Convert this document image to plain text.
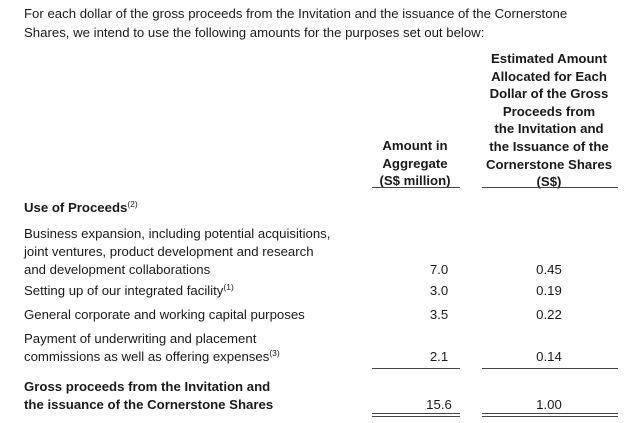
For each dollar of the gross proceeds from the Invitation and the issuance of the Cornerstone
Shares, we intend to use the following amounts for the purposes set out below:
Amount in
Aggregate
(S$ million)
Estimated Amount
Allocated for Each
Dollar of the Gross
Proceeds from
the Invitation and
the Issuance of the
Cornerstone Shares
(S$)
Use of Proceeds$^{(2)}$
Business expansion, including potential acquisitions,
joint ventures, product development and research
and development collaborations	7.0	0.45
Setting up of our integrated facility$^{(1)}$	3.0	0.19
General corporate and working capital purposes	3.5	0.22
Payment of underwriting and placement
commissions as well as offering expenses$^{(3)}$	2.1	0.14
Gross proceeds from the Invitation and
the issuance of the Cornerstone Shares	15.6	1.00
